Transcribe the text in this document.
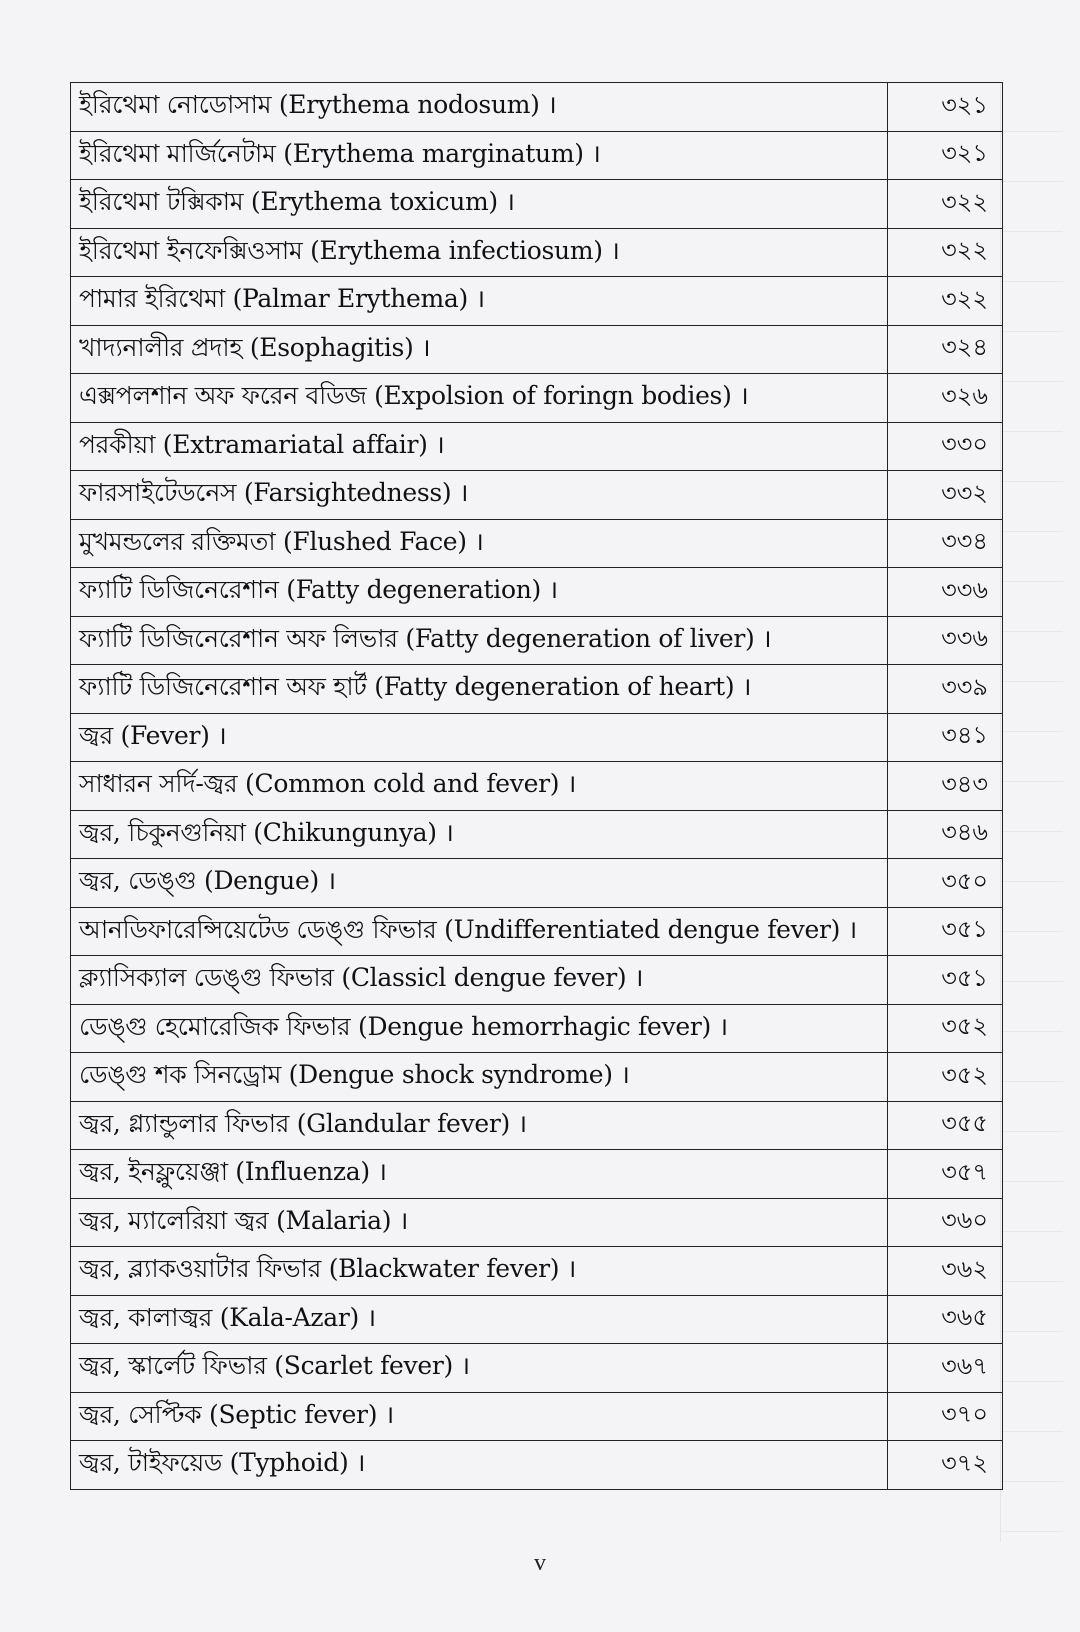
ইরিথেমা নোডোসাম (Erythema nodosum) ।	৩২১
ইরিথেমা মার্জিনেটাম (Erythema marginatum) ।	৩২১
ইরিথেমা টক্সিকাম (Erythema toxicum) ।	৩২২
ইরিথেমা ইনফেক্সিওসাম (Erythema infectiosum) ।	৩২২
পামার ইরিথেমা (Palmar Erythema) ।	৩২২
খাদ্যনালীর প্রদাহ (Esophagitis) ।	৩২৪
এক্সপলশান অফ ফরেন বডিজ (Expolsion of foringn bodies) ।	৩২৬
পরকীয়া (Extramariatal affair) ।	৩৩০
ফারসাইটেডনেস (Farsightedness) ।	৩৩২
মুখমন্ডলের রক্তিমতা (Flushed Face) ।	৩৩৪
ফ্যাটি ডিজিনেরেশান (Fatty degeneration) ।	৩৩৬
ফ্যাটি ডিজিনেরেশান অফ লিভার (Fatty degeneration of liver) ।	৩৩৬
ফ্যাটি ডিজিনেরেশান অফ হার্ট (Fatty degeneration of heart) ।	৩৩৯
জ্বর (Fever) ।	৩৪১
সাধারন সর্দি-জ্বর (Common cold and fever) ।	৩৪৩
জ্বর, চিকুনগুনিয়া (Chikungunya) ।	৩৪৬
জ্বর, ডেঙ্গু (Dengue) ।	৩৫০
আনডিফারেন্সিয়েটেড ডেঙ্গু ফিভার (Undifferentiated dengue fever) ।	৩৫১
ক্ল্যাসিক্যাল ডেঙ্গু ফিভার (Classicl dengue fever) ।	৩৫১
ডেঙ্গু হেমোরেজিক ফিভার (Dengue hemorrhagic fever) ।	৩৫২
ডেঙ্গু শক সিনড্রোম (Dengue shock syndrome) ।	৩৫২
জ্বর, গ্ল্যান্ডুলার ফিভার (Glandular fever) ।	৩৫৫
জ্বর, ইনফ্লুয়েঞ্জা (Influenza) ।	৩৫৭
জ্বর, ম্যালেরিয়া জ্বর (Malaria) ।	৩৬০
জ্বর, ব্ল্যাকওয়াটার ফিভার (Blackwater fever) ।	৩৬২
জ্বর, কালাজ্বর (Kala-Azar) ।	৩৬৫
জ্বর, স্কার্লেট ফিভার (Scarlet fever) ।	৩৬৭
জ্বর, সেপ্টিক (Septic fever) ।	৩৭০
জ্বর, টাইফয়েড (Typhoid) ।	৩৭২
v
